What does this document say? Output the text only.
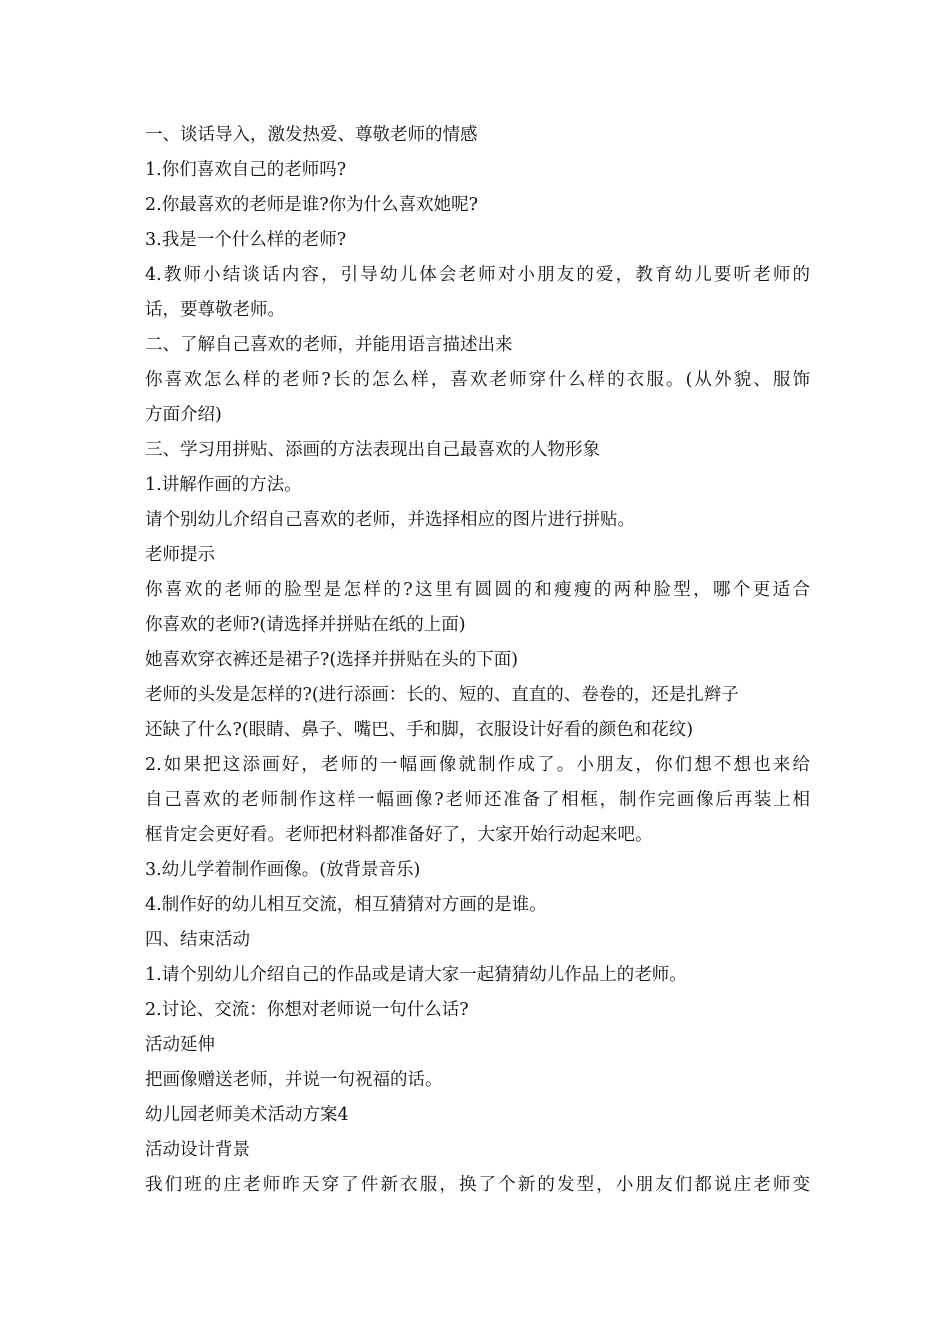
一、谈话导入，激发热爱、尊敬老师的情感
1.你们喜欢自己的老师吗?
2.你最喜欢的老师是谁?你为什么喜欢她呢?
3.我是一个什么样的老师?
4.教师小结谈话内容，引导幼儿体会老师对小朋友的爱，教育幼儿要听老师的
话，要尊敬老师。
二、了解自己喜欢的老师，并能用语言描述出来
你喜欢怎么样的老师?长的怎么样，喜欢老师穿什么样的衣服。(从外貌、服饰
方面介绍)
三、学习用拼贴、添画的方法表现出自己最喜欢的人物形象
1.讲解作画的方法。
请个别幼儿介绍自己喜欢的老师，并选择相应的图片进行拼贴。
老师提示
你喜欢的老师的脸型是怎样的?这里有圆圆的和瘦瘦的两种脸型，哪个更适合
你喜欢的老师?(请选择并拼贴在纸的上面)
她喜欢穿衣裤还是裙子?(选择并拼贴在头的下面)
老师的头发是怎样的?(进行添画：长的、短的、直直的、卷卷的，还是扎辫子
还缺了什么?(眼睛、鼻子、嘴巴、手和脚，衣服设计好看的颜色和花纹)
2.如果把这添画好，老师的一幅画像就制作成了。小朋友，你们想不想也来给
自己喜欢的老师制作这样一幅画像?老师还准备了相框，制作完画像后再装上相
框肯定会更好看。老师把材料都准备好了，大家开始行动起来吧。
3.幼儿学着制作画像。(放背景音乐)
4.制作好的幼儿相互交流，相互猜猜对方画的是谁。
四、结束活动
1.请个别幼儿介绍自己的作品或是请大家一起猜猜幼儿作品上的老师。
2.讨论、交流：你想对老师说一句什么话?
活动延伸
把画像赠送老师，并说一句祝福的话。
幼儿园老师美术活动方案4
活动设计背景
我们班的庄老师昨天穿了件新衣服，换了个新的发型，小朋友们都说庄老师变
